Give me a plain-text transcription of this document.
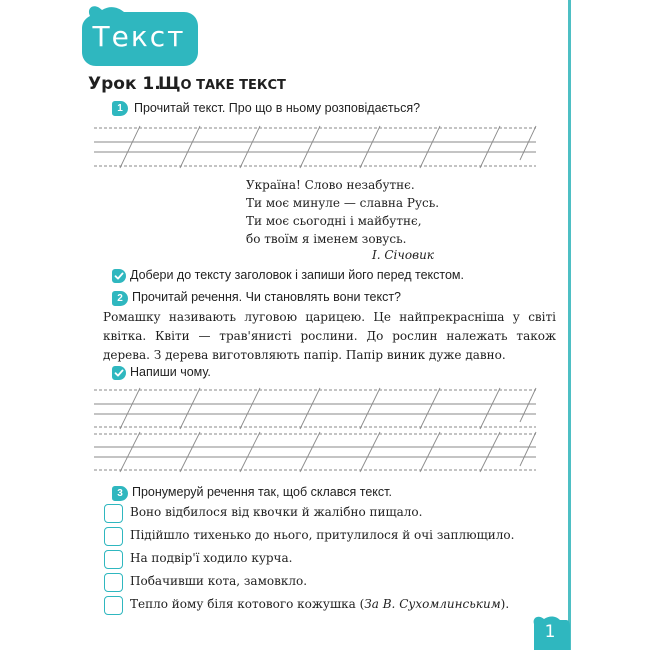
Текст
Урок 1.
ЩО ТАКЕ ТЕКСТ
1 Прочитай текст. Про що в ньому розповідається?
Україна! Слово незабутнє.
Ти моє минуле — славна Русь.
Ти моє сьогодні і майбутнє,
бо твоїм я іменем зовусь.
І. Січовик
Добери до тексту заголовок і запиши його перед текстом.
2 Прочитай речення. Чи становлять вони текст?
Ромашку називають луговою царицею. Це найпрекрасніша у світі квітка. Квіти — трав'янисті рослини. До рослин належать також дерева. З дерева виготовляють папір. Папір виник дуже давно.
Напиши чому.
3 Пронумеруй речення так, щоб склався текст.
Воно відбилося від квочки й жалібно пищало.
Підійшло тихенько до нього, притулилося й очі заплющило.
На подвір'ї ходило курча.
Побачивши кота, замовкло.
Тепло йому біля котового кожушка (За В. Сухомлинським).
1
